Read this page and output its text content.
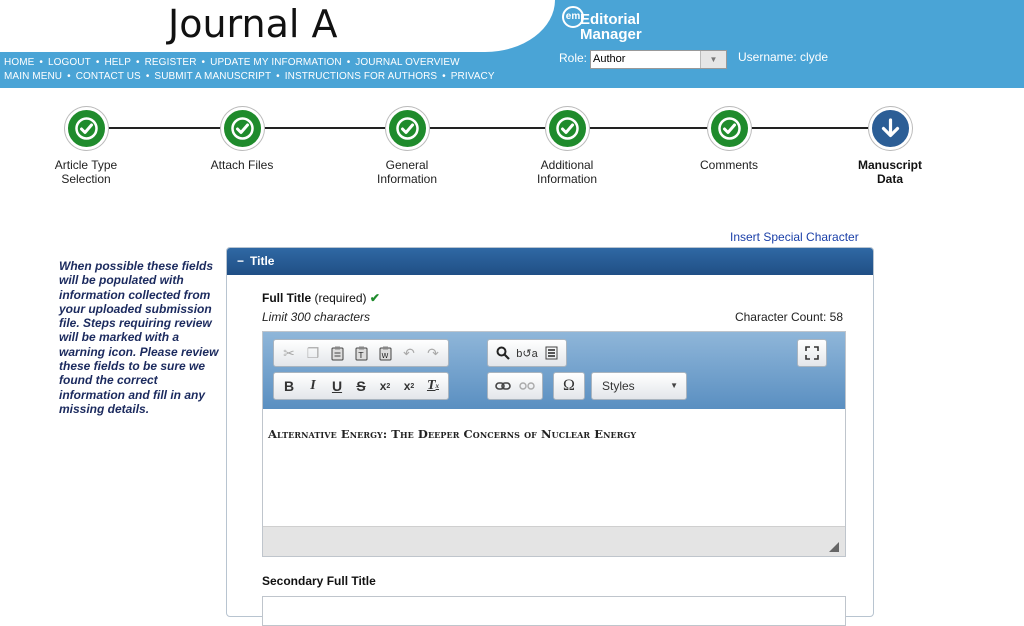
Journal A
HOME • LOGOUT • HELP • REGISTER • UPDATE MY INFORMATION • JOURNAL OVERVIEW
MAIN MENU • CONTACT US • SUBMIT A MANUSCRIPT • INSTRUCTIONS FOR AUTHORS • PRIVACY
em Editorial
Manager
Role: Author	▼	Username: clyde
Article Type
Selection
Attach Files	General
Information
Additional
Information
Comments	Manuscript
Data
When possible these fields will be populated with information collected from your uploaded submission file. Steps requiring review will be marked with a warning icon. Please review these fields to be sure we found the correct information and fill in any missing details.
Insert Special Character
− Title
Full Title (required) ✔
Limit 300 characters	Character Count: 58
✂ ❐	T	W	↶ ↷	b↺a
B	I	U	S	x 2	x 2 T x	Ω	Styles	▼
Alternative Energy: The Deeper Concerns of Nuclear Energy
Secondary Full Title
